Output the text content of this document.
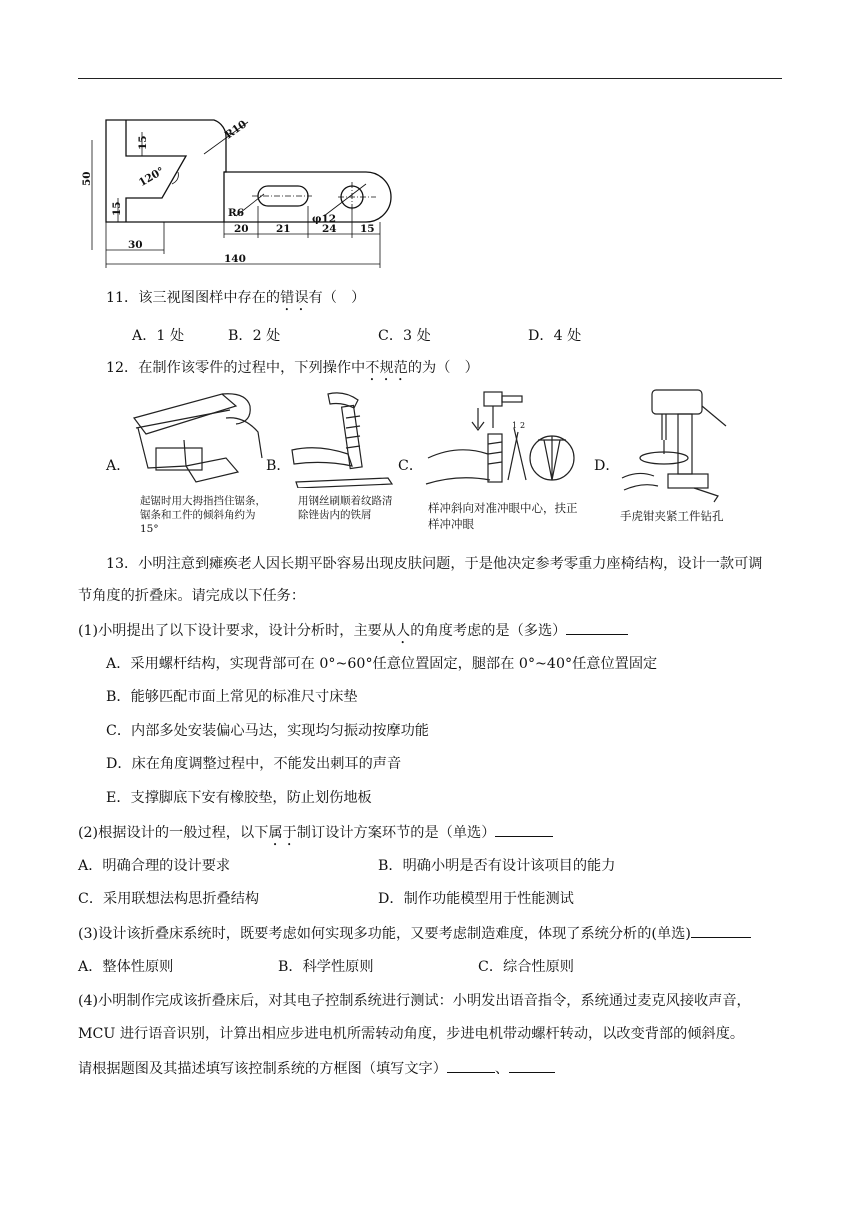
R10
15
120°
50
15	R6	φ12
30
20	21	24 15
140
11．该三视图图样中存在的错误有（　）
A．1 处	B．2 处	C．3 处	D．4 处
12．在制作该零件的过程中，下列操作中不规范的为（　）
A．
起锯时用大拇指挡住锯条，锯条和工件的倾斜角约为15°
B．
用钢丝刷顺着纹路清除锉齿内的铁屑
C．
1 2
样冲斜向对准冲眼中心，扶正样冲冲眼
D．
手虎钳夹紧工件钻孔
13．小明注意到瘫痪老人因长期平卧容易出现皮肤问题，于是他决定参考零重力座椅结构，设计一款可调
节角度的折叠床。请完成以下任务：
(1)小明提出了以下设计要求，设计分析时，主要从人的角度考虑的是（多选）
A．采用螺杆结构，实现背部可在 0°~60°任意位置固定，腿部在 0°~40°任意位置固定
B．能够匹配市面上常见的标准尺寸床垫
C．内部多处安装偏心马达，实现均匀振动按摩功能
D．床在角度调整过程中，不能发出刺耳的声音
E．支撑脚底下安有橡胶垫，防止划伤地板
(2)根据设计的一般过程，以下属于制订设计方案环节的是（单选）
A．明确合理的设计要求	B．明确小明是否有设计该项目的能力
C．采用联想法构思折叠结构	D．制作功能模型用于性能测试
(3)设计该折叠床系统时，既要考虑如何实现多功能，又要考虑制造难度，体现了系统分析的(单选)
A．整体性原则	B．科学性原则	C．综合性原则
(4)小明制作完成该折叠床后，对其电子控制系统进行测试：小明发出语音指令，系统通过麦克风接收声音，
MCU 进行语音识别，计算出相应步进电机所需转动角度，步进电机带动螺杆转动，以改变背部的倾斜度。
请根据题图及其描述填写该控制系统的方框图（填写文字）	、
